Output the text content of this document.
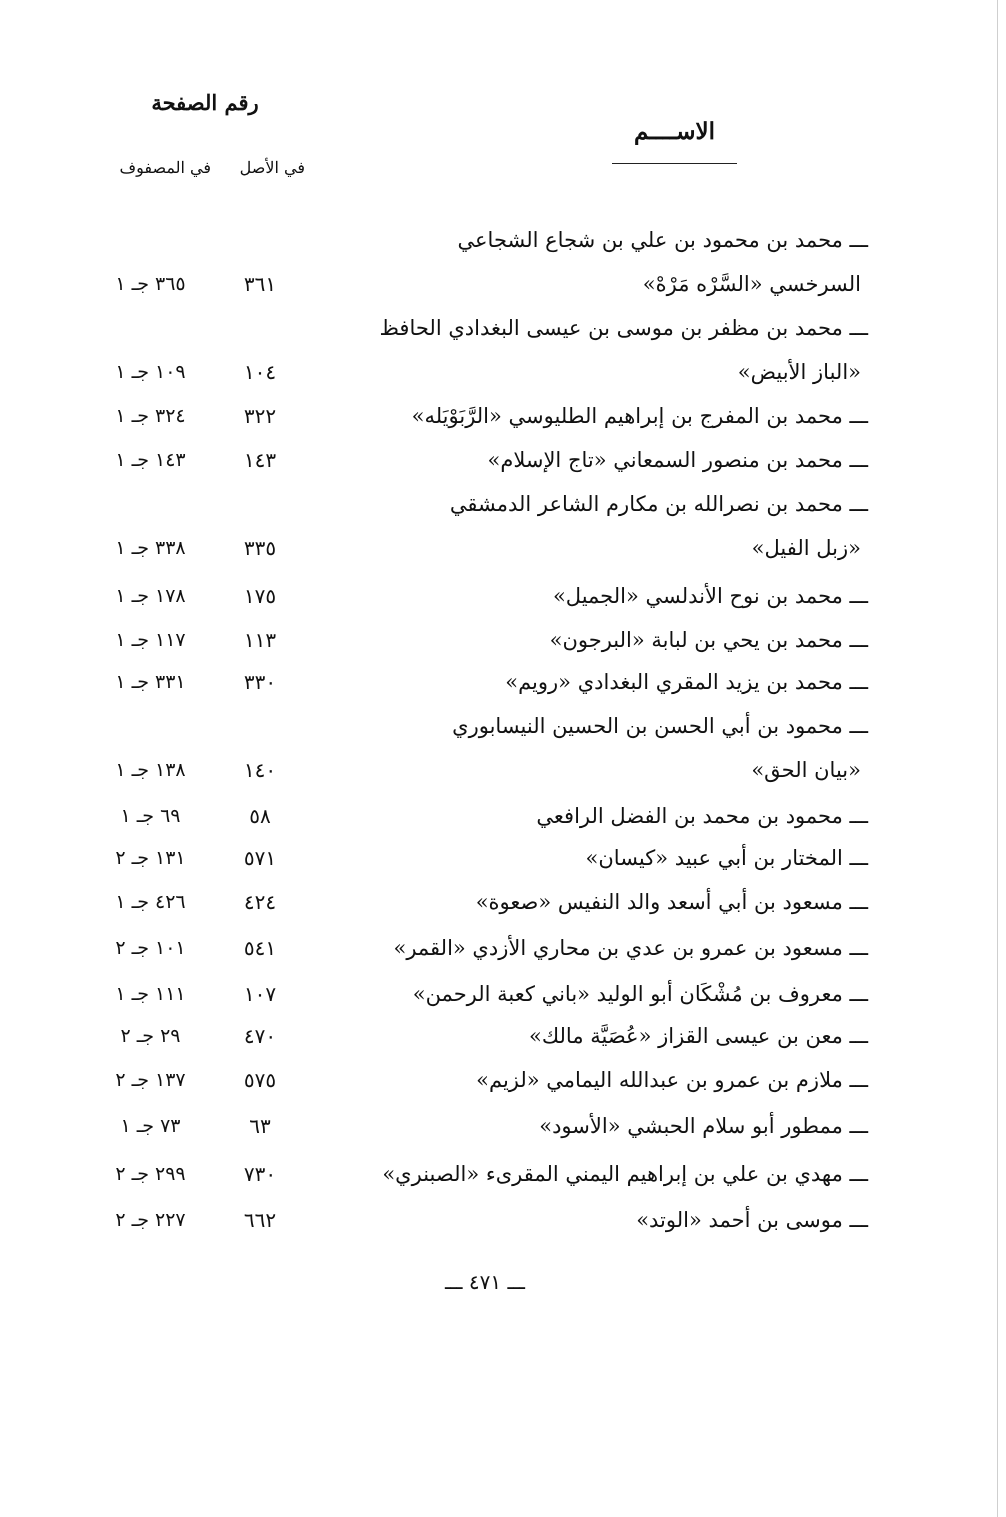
رقم الصفحة
الاســــم
في الأصل
في المصفوف
ـــ محمد بن محمود بن علي بن شجاع الشجاعي
السرخسي «السَّرْه مَرْهْ»
٣٦١
٣٦٥ جـ ١
ـــ محمد بن مظفر بن موسى بن عيسى البغدادي الحافظ
«الباز الأبيض»
١٠٤
١٠٩ جـ ١
ـــ محمد بن المفرج بن إبراهيم الطليوسي «الرَّبَوْيَله»
٣٢٢
٣٢٤ جـ ١
ـــ محمد بن منصور السمعاني «تاج الإسلام»
١٤٣
١٤٣ جـ ١
ـــ محمد بن نصرالله بن مكارم الشاعر الدمشقي
«زبل الفيل»
٣٣٥
٣٣٨ جـ ١
ـــ محمد بن نوح الأندلسي «الجميل»
١٧٥
١٧٨ جـ ١
ـــ محمد بن يحي بن لبابة «البرجون»
١١٣
١١٧ جـ ١
ـــ محمد بن يزيد المقري البغدادي «رويم»
٣٣٠
٣٣١ جـ ١
ـــ محمود بن أبي الحسن بن الحسين النيسابوري
«بيان الحق»
١٤٠
١٣٨ جـ ١
ـــ محمود بن محمد بن الفضل الرافعي
٥٨
٦٩ جـ ١
ـــ المختار بن أبي عبيد «كيسان»
٥٧١
١٣١ جـ ٢
ـــ مسعود بن أبي أسعد والد النفيس «صعوة»
٤٢٤
٤٢٦ جـ ١
ـــ مسعود بن عمرو بن عدي بن محاري الأزدي «القمر»
٥٤١
١٠١ جـ ٢
ـــ معروف بن مُشْكَان أبو الوليد «باني كعبة الرحمن»
١٠٧
١١١ جـ ١
ـــ معن بن عيسى القزاز «عُصَيَّة مالك»
٤٧٠
٢٩ جـ ٢
ـــ ملازم بن عمرو بن عبدالله اليمامي «لزيم»
٥٧٥
١٣٧ جـ ٢
ـــ ممطور أبو سلام الحبشي «الأسود»
٦٣
٧٣ جـ ١
ـــ مهدي بن علي بن إبراهيم اليمني المقرىء «الصبنري»
٧٣٠
٢٩٩ جـ ٢
ـــ موسى بن أحمد «الوتد»
٦٦٢
٢٢٧ جـ ٢
ـــ ٤٧١ ـــ
